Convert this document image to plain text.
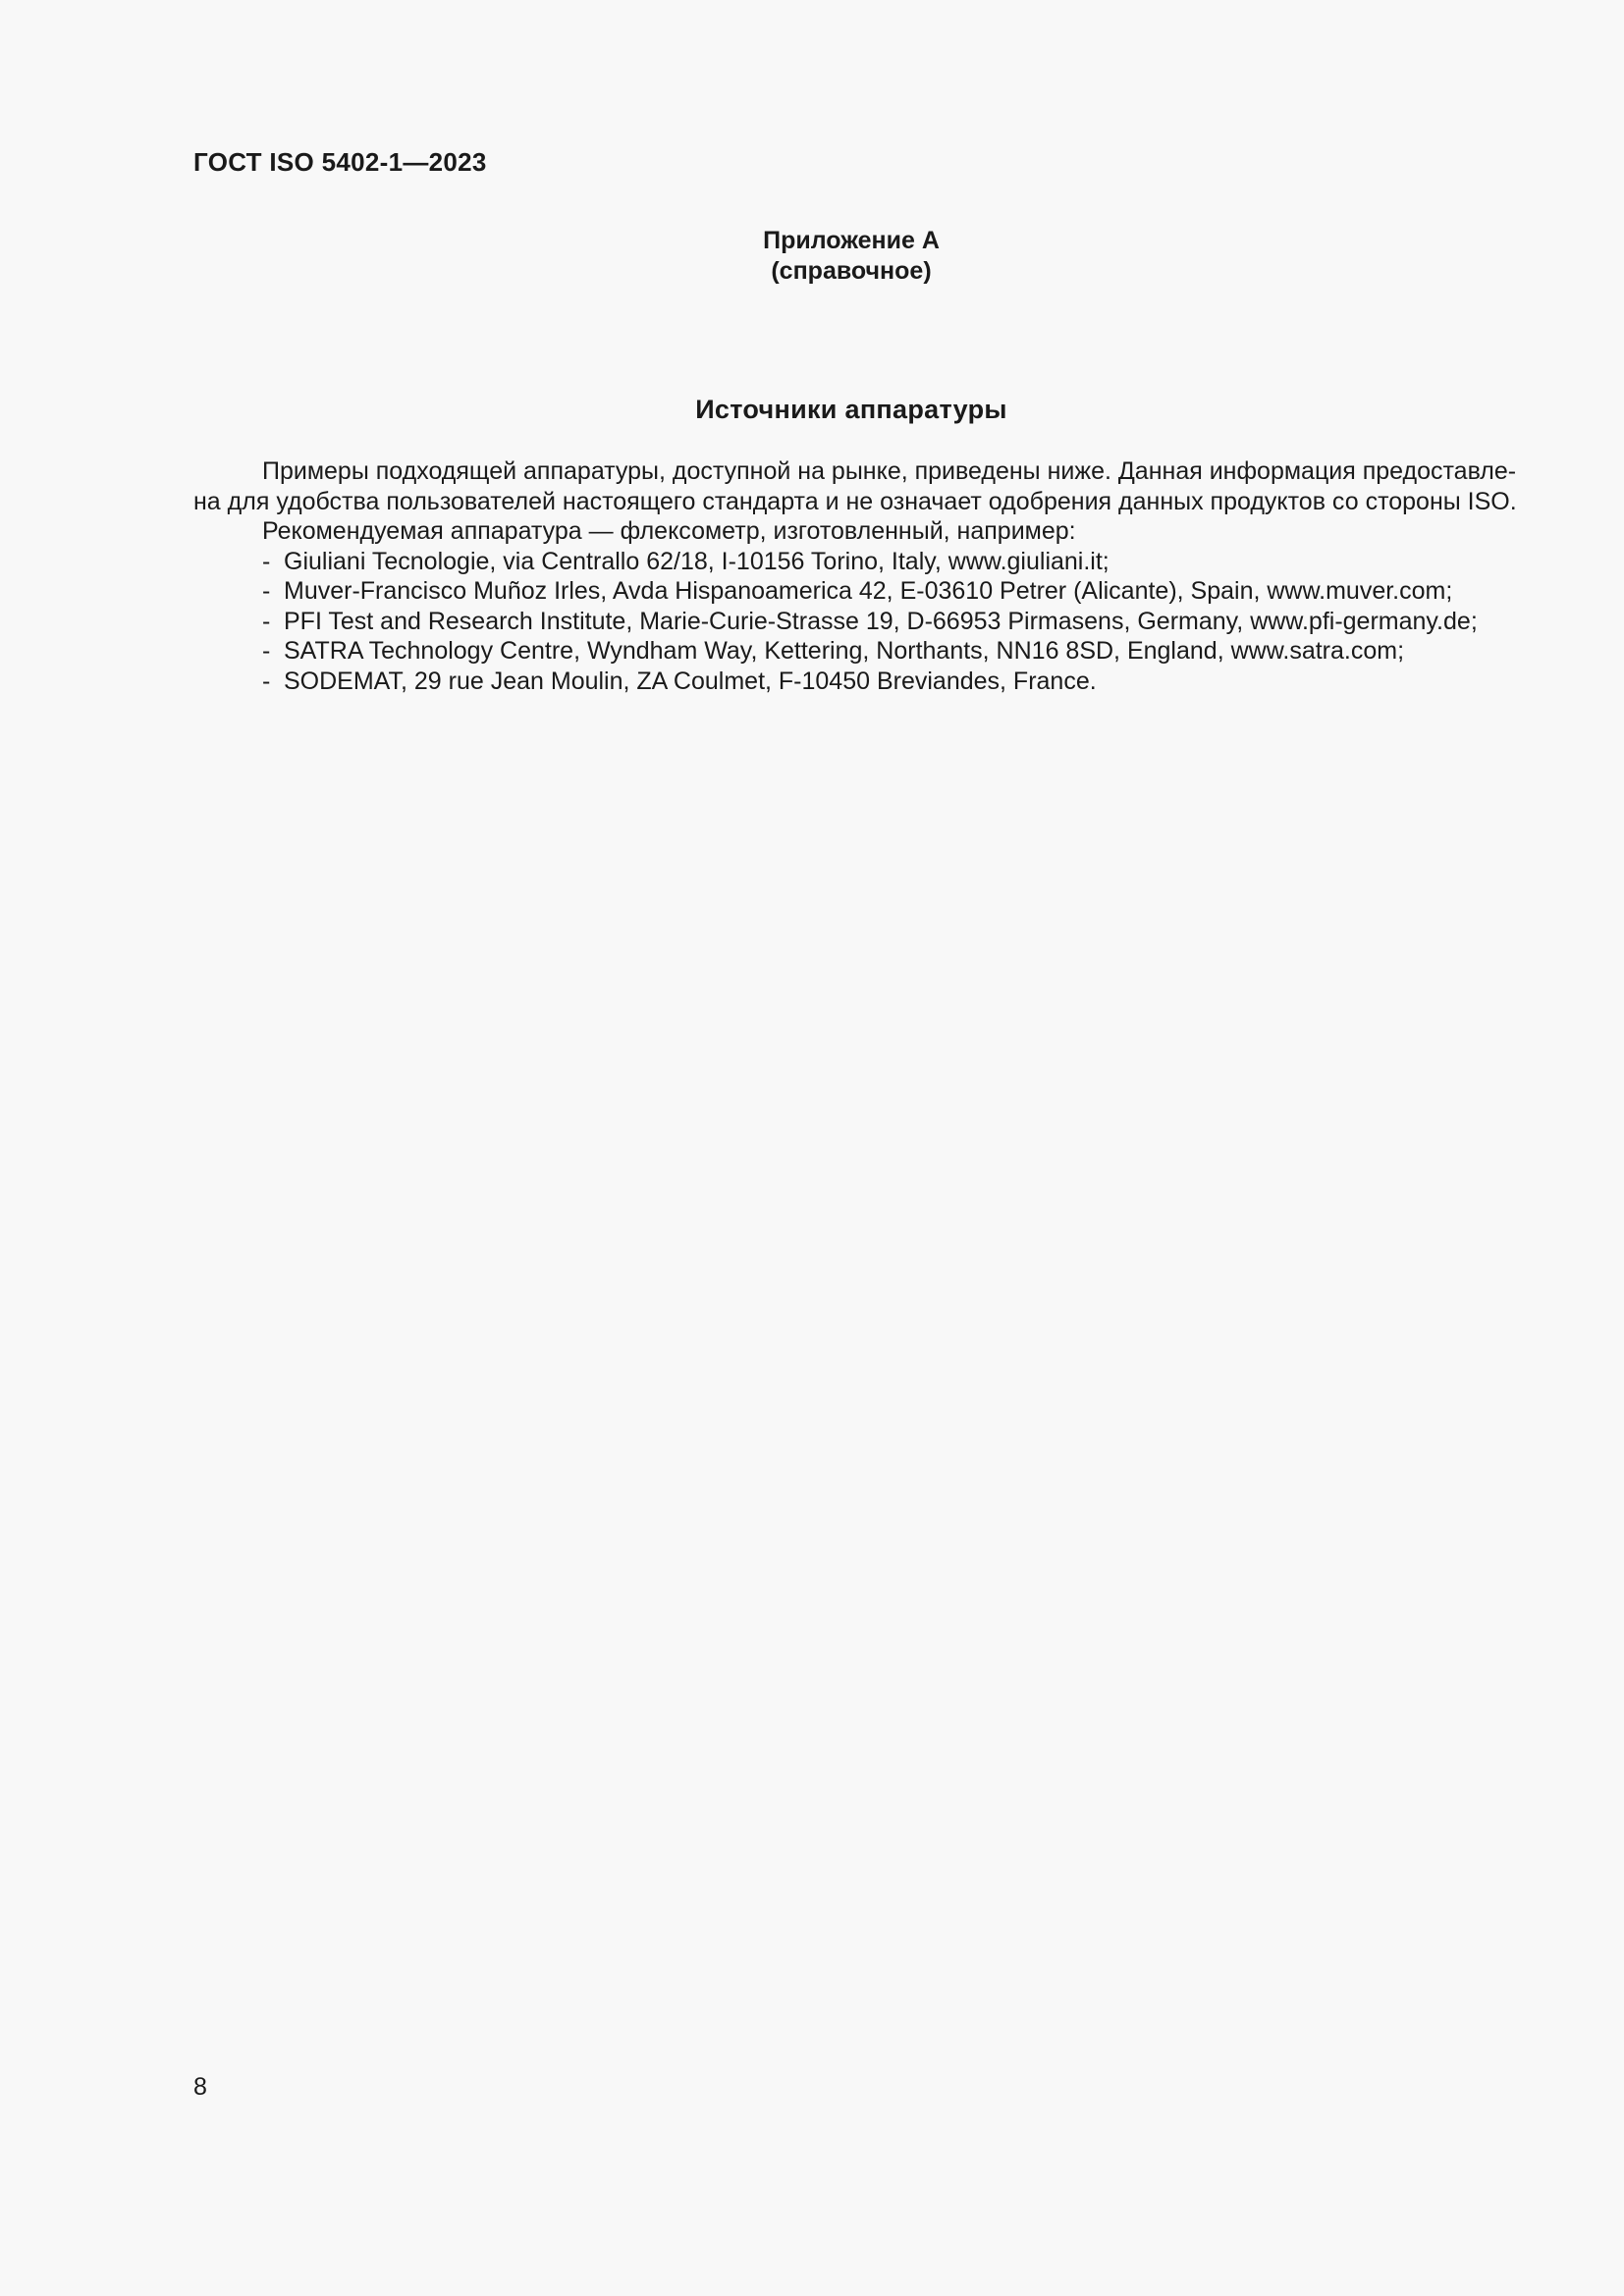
ГОСТ ISO 5402-1—2023
Приложение А
(справочное)
Источники аппаратуры
Примеры подходящей аппаратуры, доступной на рынке, приведены ниже. Данная информация предоставле-
на для удобства пользователей настоящего стандарта и не означает одобрения данных продуктов со стороны ISO.
Рекомендуемая аппаратура — флексометр, изготовленный, например:
- Giuliani Tecnologie, via Centrallo 62/18, I-10156 Torino, Italy, www.giuliani.it;
- Muver-Francisco Muñoz Irles, Avda Hispanoamerica 42, E-03610 Petrer (Alicante), Spain, www.muver.com;
- PFI Test and Research Institute, Marie-Curie-Strasse 19, D-66953 Pirmasens, Germany, www.pfi-germany.de;
- SATRA Technology Centre, Wyndham Way, Kettering, Northants, NN16 8SD, England, www.satra.com;
- SODEMAT, 29 rue Jean Moulin, ZA Coulmet, F-10450 Breviandes, France.
8
